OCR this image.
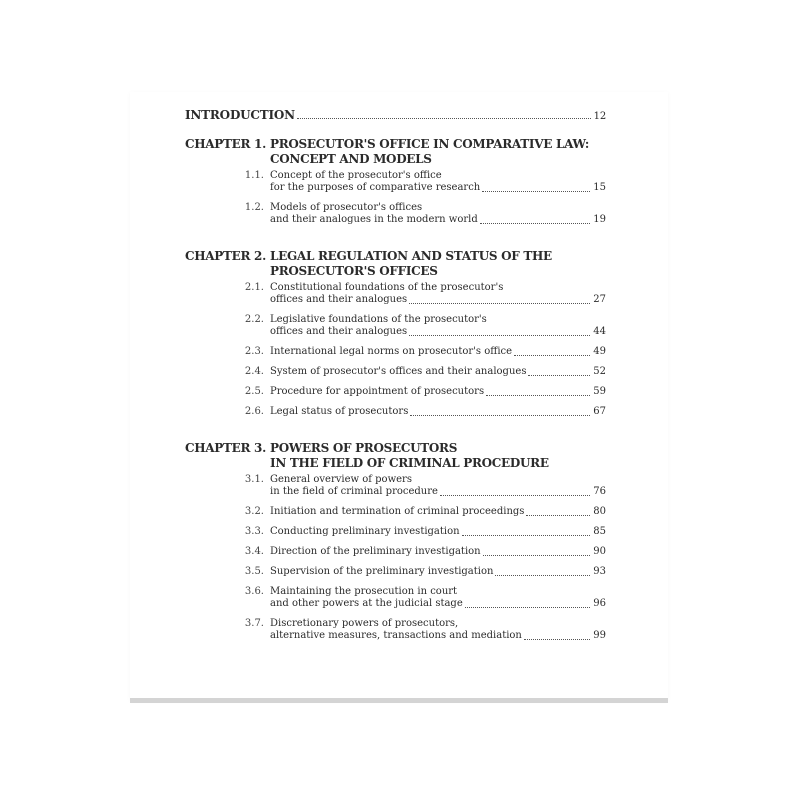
INTRODUCTION	12
CHAPTER 1. PROSECUTOR'S OFFICE IN COMPARATIVE LAW:
CONCEPT AND MODELS
1.1. Concept of the prosecutor's office
for the purposes of comparative research	15
1.2. Models of prosecutor's offices
and their analogues in the modern world	19
CHAPTER 2. LEGAL REGULATION AND STATUS OF THE
PROSECUTOR'S OFFICES
2.1. Constitutional foundations of the prosecutor's
offices and their analogues	27
2.2. Legislative foundations of the prosecutor's
offices and their analogues	44
2.3. International legal norms on prosecutor's office	49
2.4. System of prosecutor's offices and their analogues	52
2.5. Procedure for appointment of prosecutors	59
2.6. Legal status of prosecutors	67
CHAPTER 3. POWERS OF PROSECUTORS
IN THE FIELD OF CRIMINAL PROCEDURE
3.1. General overview of powers
in the field of criminal procedure	76
3.2. Initiation and termination of criminal proceedings	80
3.3. Conducting preliminary investigation	85
3.4. Direction of the preliminary investigation	90
3.5. Supervision of the preliminary investigation	93
3.6. Maintaining the prosecution in court
and other powers at the judicial stage	96
3.7. Discretionary powers of prosecutors,
alternative measures, transactions and mediation	99
